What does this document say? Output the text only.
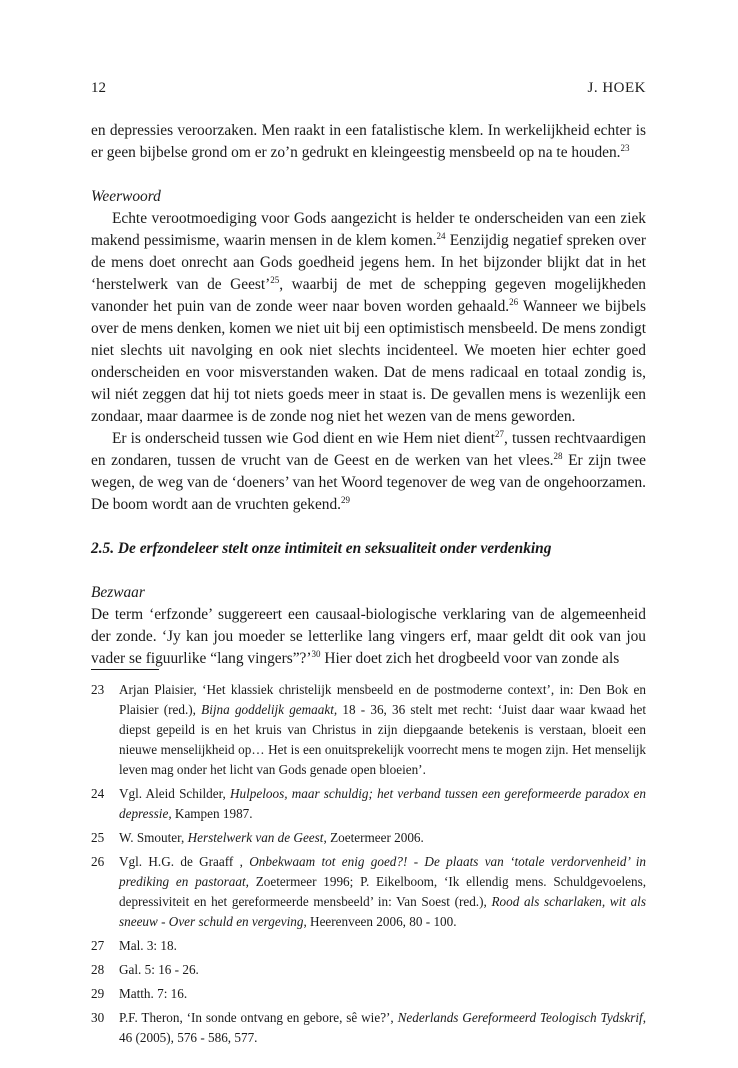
12	J. HOEK

en depressies veroorzaken. Men raakt in een fatalistische klem. In werkelijkheid echter is er geen bijbelse grond om er zo’n gedrukt en kleingeestig mensbeeld op na te houden.$^{23}$

Weerwoord

Echte verootmoediging voor Gods aangezicht is helder te onderscheiden van een ziek makend pessimisme, waarin mensen in de klem komen.$^{24}$ Eenzijdig negatief spreken over de mens doet onrecht aan Gods goedheid jegens hem. In het bijzonder blijkt dat in het ‘herstelwerk van de Geest’$^{25}$, waarbij de met de schepping gegeven mogelijkheden vanonder het puin van de zonde weer naar boven worden gehaald.$^{26}$ Wanneer we bijbels over de mens denken, komen we niet uit bij een optimistisch mensbeeld. De mens zondigt niet slechts uit navolging en ook niet slechts incidenteel. We moeten hier echter goed onderscheiden en voor misverstanden waken. Dat de mens radicaal en totaal zondig is, wil niét zeggen dat hij tot niets goeds meer in staat is. De gevallen mens is wezenlijk een zondaar, maar daarmee is de zonde nog niet het wezen van de mens geworden.

Er is onderscheid tussen wie God dient en wie Hem niet dient$^{27}$, tussen rechtvaardigen en zondaren, tussen de vrucht van de Geest en de werken van het vlees.$^{28}$ Er zijn twee wegen, de weg van de ‘doeners’ van het Woord tegenover de weg van de ongehoorzamen. De boom wordt aan de vruchten gekend.$^{29}$

2.5. De erfzondeleer stelt onze intimiteit en seksualiteit onder verdenking

Bezwaar

De term ‘erfzonde’ suggereert een causaal-biologische verklaring van de algemeenheid der zonde. ‘Jy kan jou moeder se letterlike lang vingers erf, maar geldt dit ook van jou vader se figuurlike “lang vingers”?’$^{30}$ Hier doet zich het drogbeeld voor van zonde als

23 Arjan Plaisier, ‘Het klassiek christelijk mensbeeld en de postmoderne context’, in: Den Bok en Plaisier (red.), Bijna goddelijk gemaakt, 18 - 36, 36 stelt met recht: ‘Juist daar waar kwaad het diepst gepeild is en het kruis van Christus in zijn diepgaande betekenis is verstaan, bloeit een nieuwe menselijkheid op… Het is een onuitsprekelijk voorrecht mens te mogen zijn. Het menselijk leven mag onder het licht van Gods genade open bloeien’.
24 Vgl. Aleid Schilder, Hulpeloos, maar schuldig; het verband tussen een gereformeerde paradox en depressie, Kampen 1987.
25 W. Smouter, Herstelwerk van de Geest, Zoetermeer 2006.
26 Vgl. H.G. de Graaff , Onbekwaam tot enig goed?! - De plaats van ‘totale verdorvenheid’ in prediking en pastoraat, Zoetermeer 1996; P. Eikelboom, ‘Ik ellendig mens. Schuldgevoelens, depressiviteit en het gereformeerde mensbeeld’ in: Van Soest (red.), Rood als scharlaken, wit als sneeuw - Over schuld en vergeving, Heerenveen 2006, 80 - 100.
27 Mal. 3: 18.
28 Gal. 5: 16 - 26.
29 Matth. 7: 16.
30 P.F. Theron, ‘In sonde ontvang en gebore, sê wie?’, Nederlands Gereformeerd Teologisch Tydskrif, 46 (2005), 576 - 586, 577.
